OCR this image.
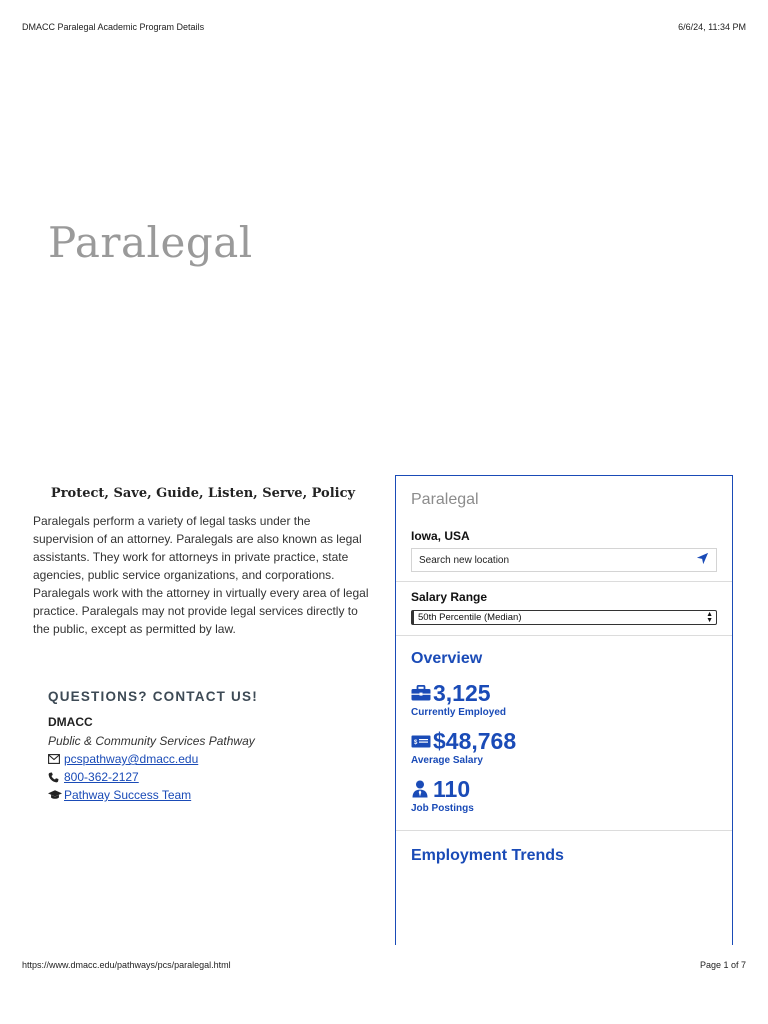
DMACC Paralegal Academic Program Details	6/6/24, 11:34 PM
Paralegal

Protect, Save, Guide, Listen, Serve, Policy

Paralegals perform a variety of legal tasks under the supervision of an attorney. Paralegals are also known as legal assistants. They work for attorneys in private practice, state agencies, public service organizations, and corporations. Paralegals work with the attorney in virtually every area of legal practice. Paralegals may not provide legal services directly to the public, except as permitted by law.

QUESTIONS? CONTACT US!
DMACC
Public & Community Services Pathway
pcspathway@dmacc.edu
800-362-2127
Pathway Success Team
Paralegal

Iowa, USA

Search new location

Salary Range

50th Percentile (Median)	▲
▼
Overview
3,125
Currently Employed
$ $48,768
Average Salary
110
Job Postings
Employment Trends
https://www.dmacc.edu/pathways/pcs/paralegal.html	Page 1 of 7
